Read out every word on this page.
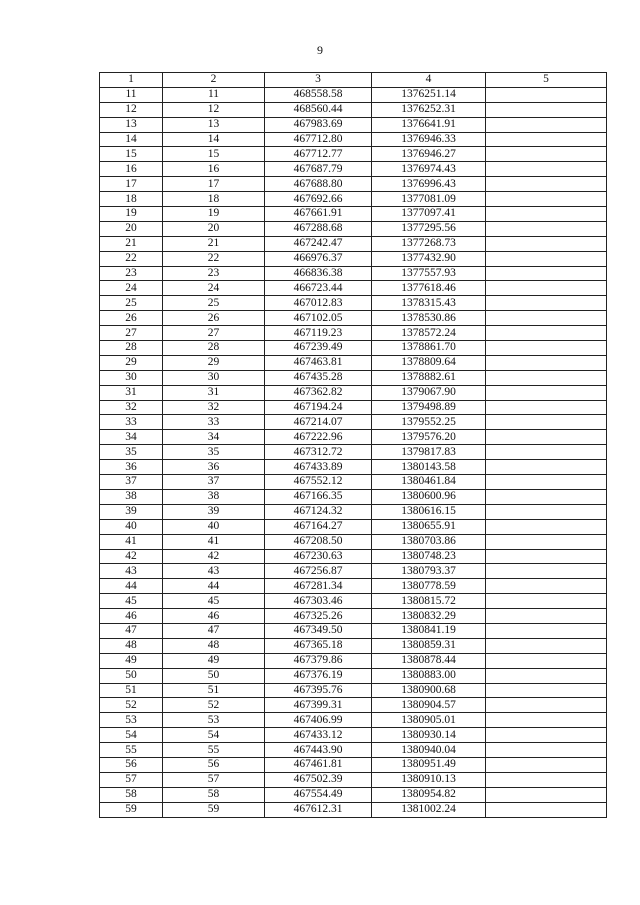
9
1	2	3	4	5
11	11	468558.58	1376251.14	
12	12	468560.44	1376252.31	
13	13	467983.69	1376641.91	
14	14	467712.80	1376946.33	
15	15	467712.77	1376946.27	
16	16	467687.79	1376974.43	
17	17	467688.80	1376996.43	
18	18	467692.66	1377081.09	
19	19	467661.91	1377097.41	
20	20	467288.68	1377295.56	
21	21	467242.47	1377268.73	
22	22	466976.37	1377432.90	
23	23	466836.38	1377557.93	
24	24	466723.44	1377618.46	
25	25	467012.83	1378315.43	
26	26	467102.05	1378530.86	
27	27	467119.23	1378572.24	
28	28	467239.49	1378861.70	
29	29	467463.81	1378809.64	
30	30	467435.28	1378882.61	
31	31	467362.82	1379067.90	
32	32	467194.24	1379498.89	
33	33	467214.07	1379552.25	
34	34	467222.96	1379576.20	
35	35	467312.72	1379817.83	
36	36	467433.89	1380143.58	
37	37	467552.12	1380461.84	
38	38	467166.35	1380600.96	
39	39	467124.32	1380616.15	
40	40	467164.27	1380655.91	
41	41	467208.50	1380703.86	
42	42	467230.63	1380748.23	
43	43	467256.87	1380793.37	
44	44	467281.34	1380778.59	
45	45	467303.46	1380815.72	
46	46	467325.26	1380832.29	
47	47	467349.50	1380841.19	
48	48	467365.18	1380859.31	
49	49	467379.86	1380878.44	
50	50	467376.19	1380883.00	
51	51	467395.76	1380900.68	
52	52	467399.31	1380904.57	
53	53	467406.99	1380905.01	
54	54	467433.12	1380930.14	
55	55	467443.90	1380940.04	
56	56	467461.81	1380951.49	
57	57	467502.39	1380910.13	
58	58	467554.49	1380954.82	
59	59	467612.31	1381002.24	
